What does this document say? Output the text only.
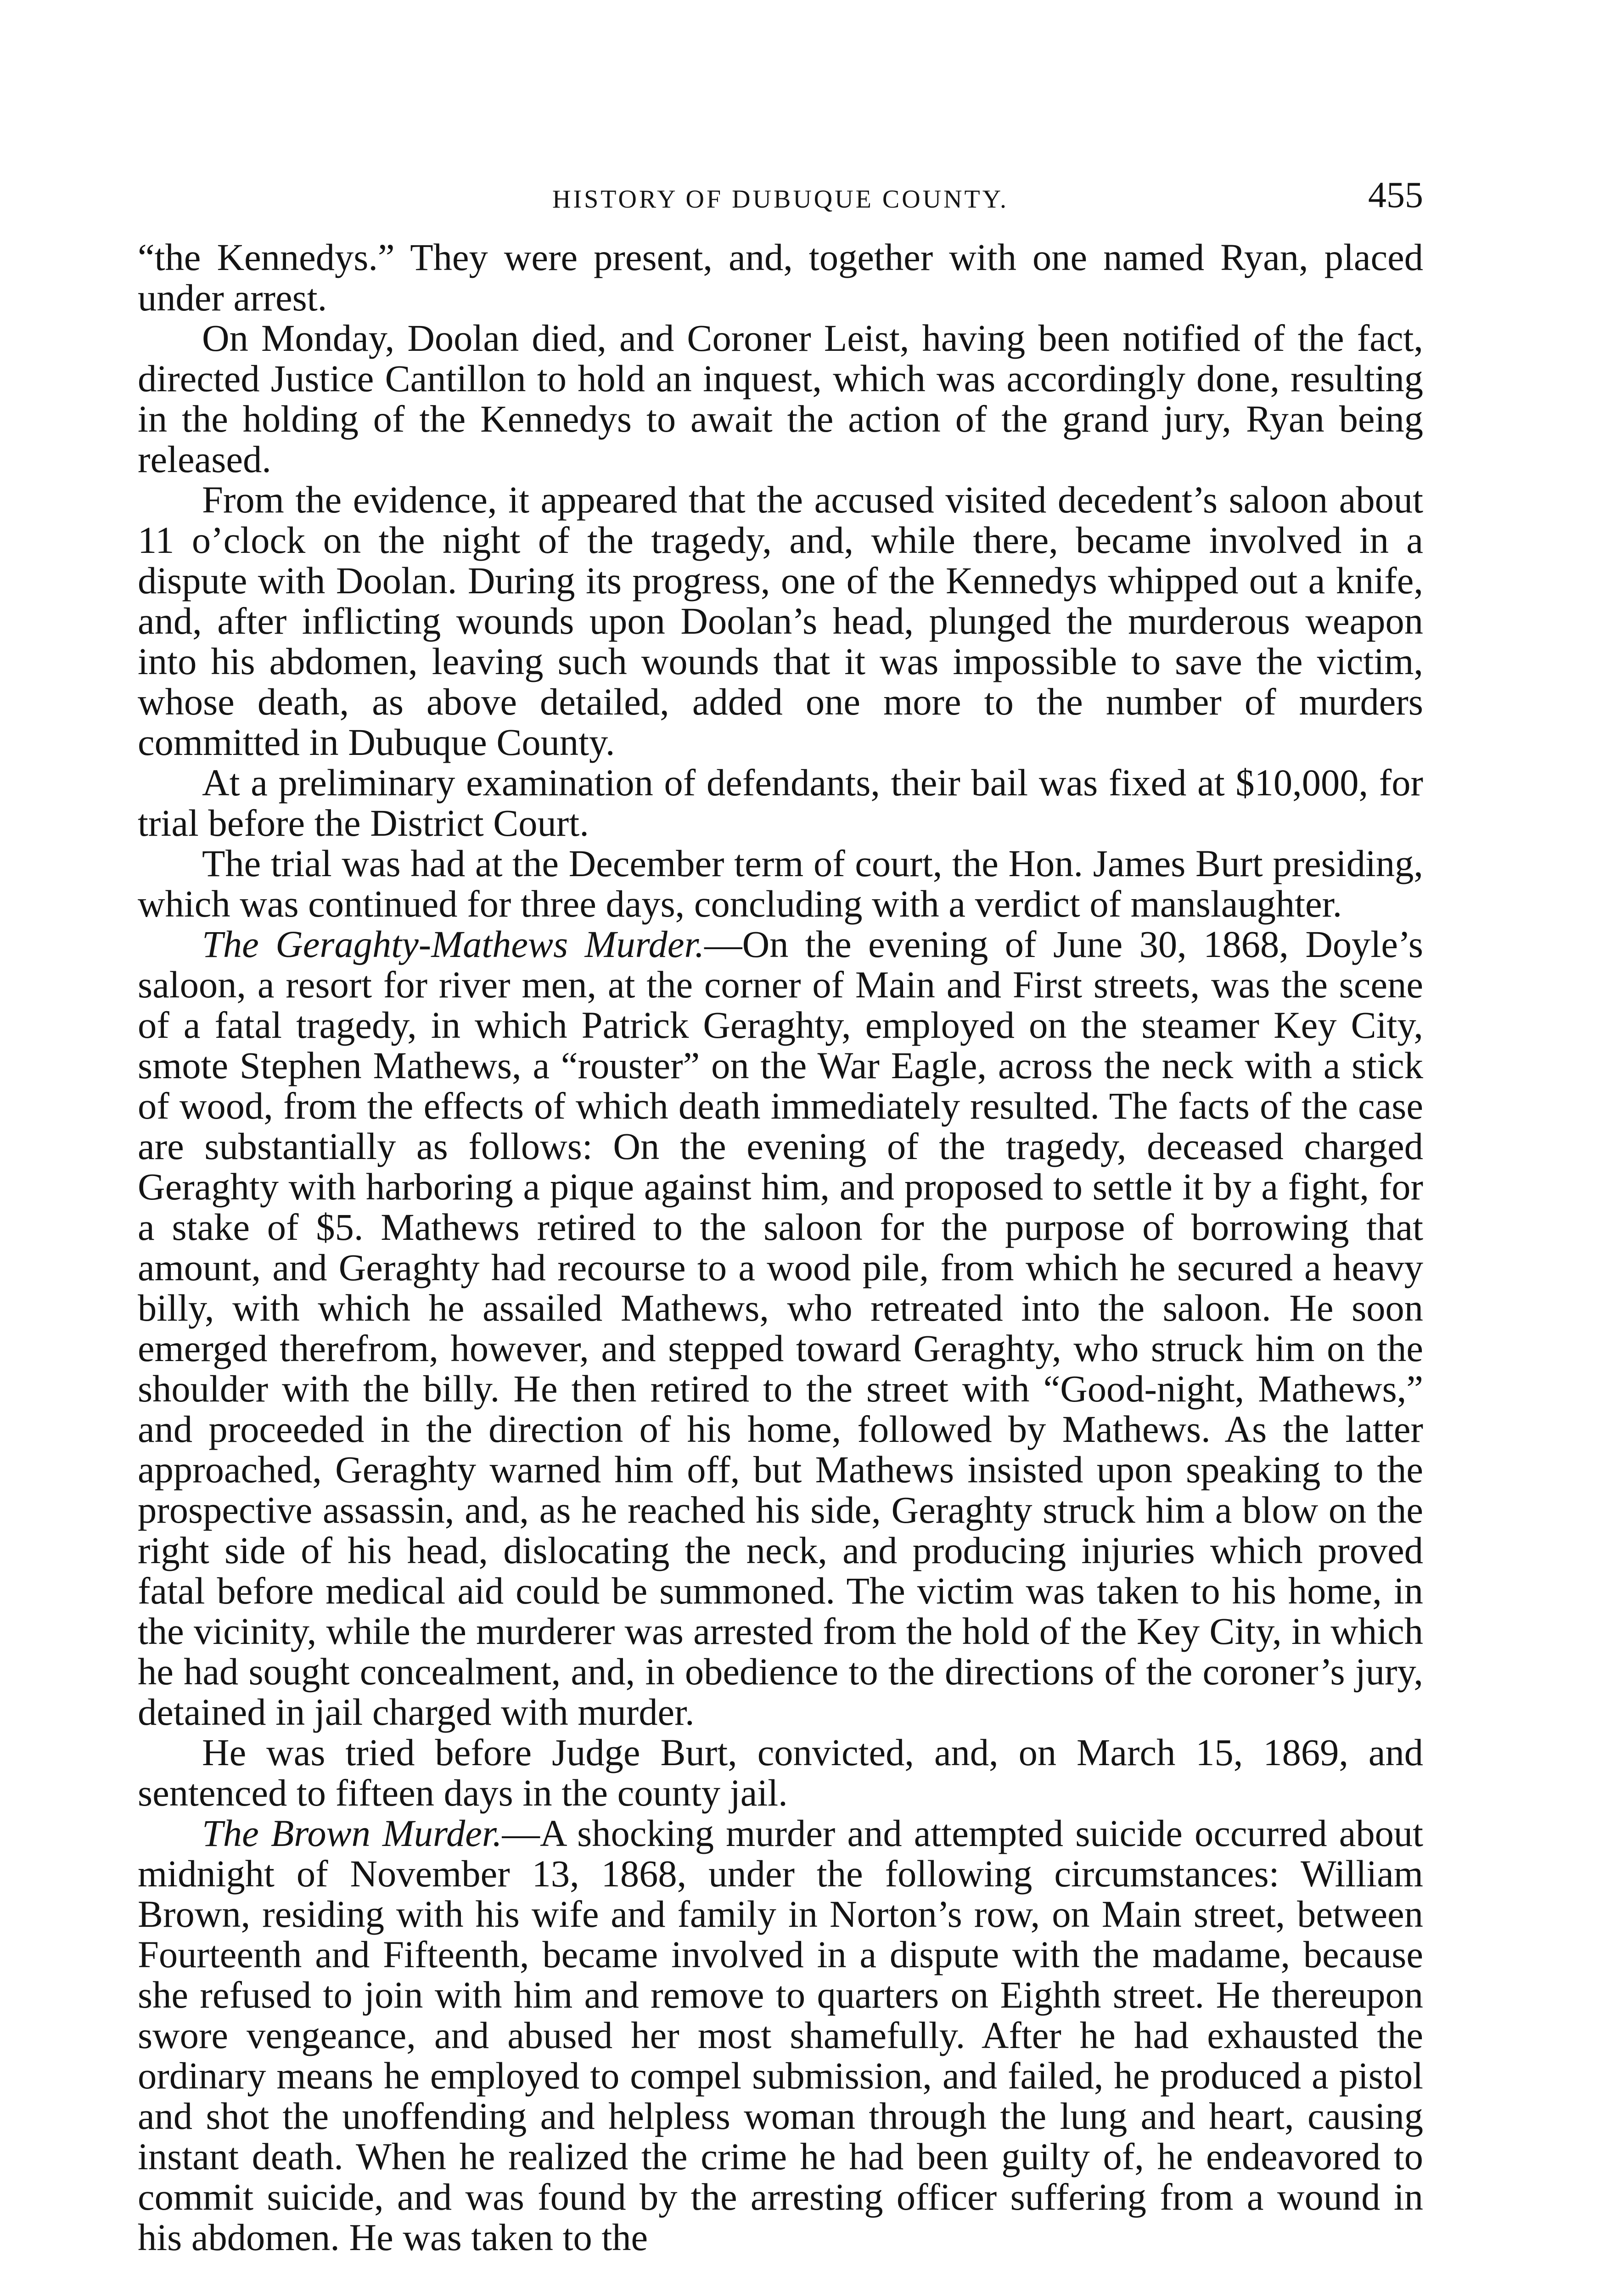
HISTORY OF DUBUQUE COUNTY.	455

“the Kennedys.” They were present, and, together with one named Ryan, placed under arrest.

On Monday, Doolan died, and Coroner Leist, having been notified of the fact, directed Justice Cantillon to hold an inquest, which was accordingly done, resulting in the holding of the Kennedys to await the action of the grand jury, Ryan being released.

From the evidence, it appeared that the accused visited decedent’s saloon about 11 o’clock on the night of the tragedy, and, while there, became involved in a dispute with Doolan. During its progress, one of the Kennedys whipped out a knife, and, after inflicting wounds upon Doolan’s head, plunged the murderous weapon into his abdomen, leaving such wounds that it was impossible to save the victim, whose death, as above detailed, added one more to the number of murders committed in Dubuque County.

At a preliminary examination of defendants, their bail was fixed at $10,000, for trial before the District Court.

The trial was had at the December term of court, the Hon. James Burt presiding, which was continued for three days, concluding with a verdict of manslaughter.

The Geraghty-Mathews Murder.—On the evening of June 30, 1868, Doyle’s saloon, a resort for river men, at the corner of Main and First streets, was the scene of a fatal tragedy, in which Patrick Geraghty, employed on the steamer Key City, smote Stephen Mathews, a “rouster” on the War Eagle, across the neck with a stick of wood, from the effects of which death immediately resulted. The facts of the case are substantially as follows: On the evening of the tragedy, deceased charged Geraghty with harboring a pique against him, and proposed to settle it by a fight, for a stake of $5. Mathews retired to the saloon for the purpose of borrowing that amount, and Geraghty had recourse to a wood pile, from which he secured a heavy billy, with which he assailed Mathews, who retreated into the saloon. He soon emerged therefrom, however, and stepped toward Geraghty, who struck him on the shoulder with the billy. He then retired to the street with “Good-night, Mathews,” and proceeded in the direction of his home, followed by Mathews. As the latter approached, Geraghty warned him off, but Mathews insisted upon speaking to the prospective assassin, and, as he reached his side, Geraghty struck him a blow on the right side of his head, dislocating the neck, and producing injuries which proved fatal before medical aid could be summoned. The victim was taken to his home, in the vicinity, while the murderer was arrested from the hold of the Key City, in which he had sought concealment, and, in obedience to the directions of the coroner’s jury, detained in jail charged with murder.

He was tried before Judge Burt, convicted, and, on March 15, 1869, and sentenced to fifteen days in the county jail.

The Brown Murder.—A shocking murder and attempted suicide occurred about midnight of November 13, 1868, under the following circumstances: William Brown, residing with his wife and family in Norton’s row, on Main street, between Fourteenth and Fifteenth, became involved in a dispute with the madame, because she refused to join with him and remove to quarters on Eighth street. He thereupon swore vengeance, and abused her most shamefully. After he had exhausted the ordinary means he employed to compel submission, and failed, he produced a pistol and shot the unoffending and helpless woman through the lung and heart, causing instant death. When he realized the crime he had been guilty of, he endeavored to commit suicide, and was found by the arresting officer suffering from a wound in his abdomen. He was taken to the
